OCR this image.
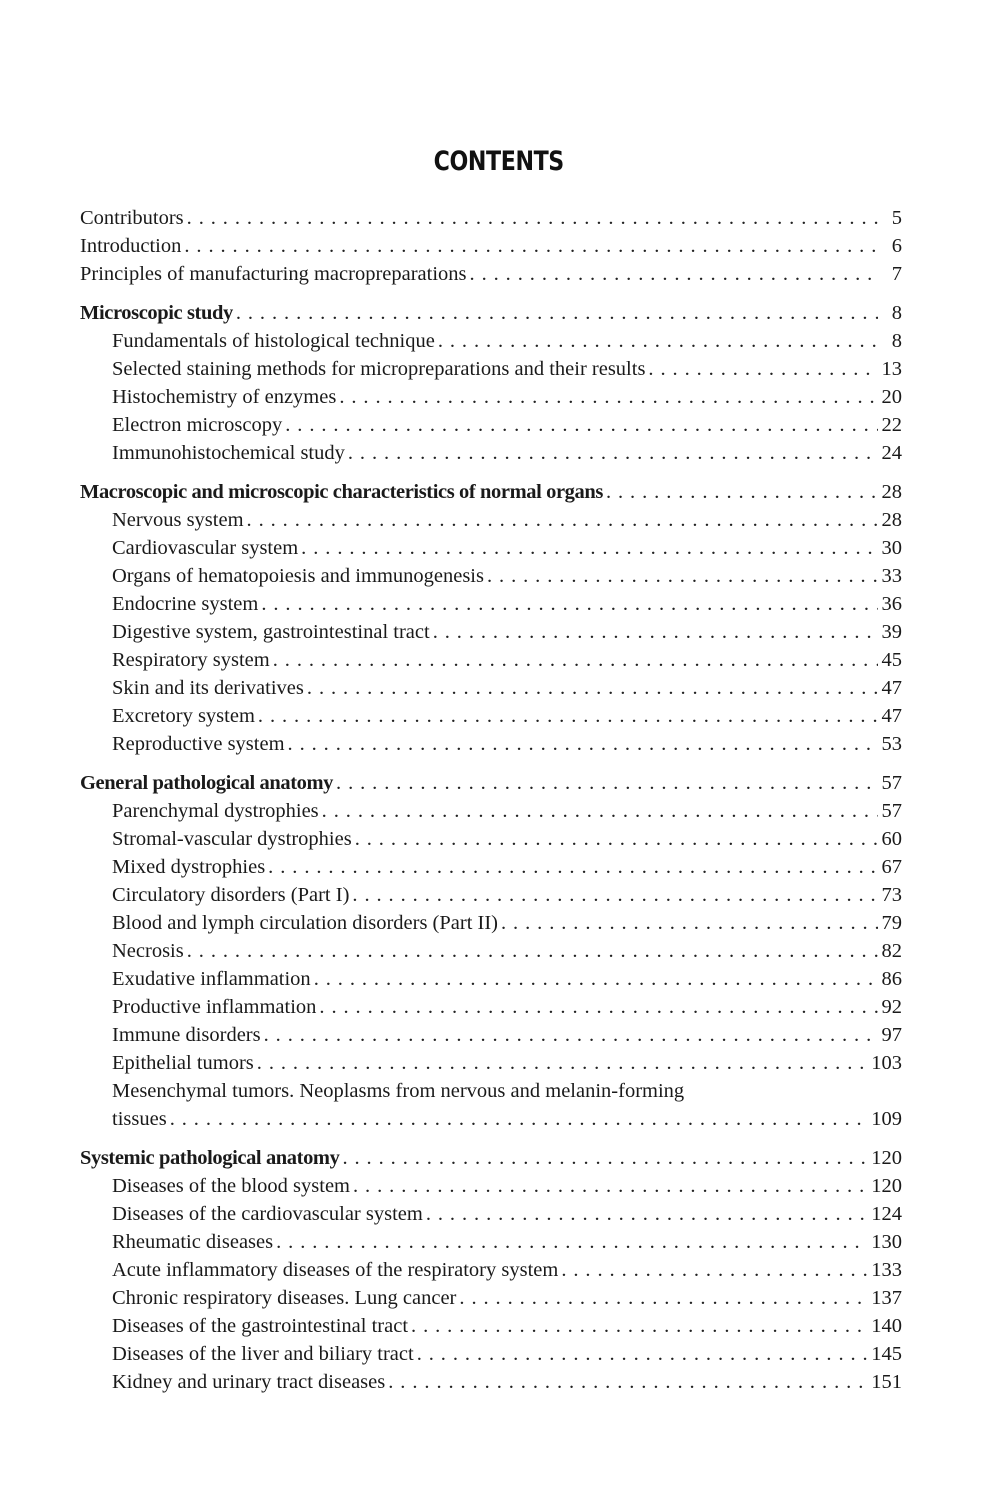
CONTENTS
Contributors . . .	5
Introduction . . .	6
Principles of manufacturing macropreparations . . .	7
Microscopic study . . .	8
Fundamentals of histological technique . . .	8
Selected staining methods for micropreparations and their results . . .	13
Histochemistry of enzymes . . .	20
Electron microscopy . . .	22
Immunohistochemical study . . .	24
Macroscopic and microscopic characteristics of normal organs . . .	28
Nervous system . . .	28
Cardiovascular system . . .	30
Organs of hematopoiesis and immunogenesis . . .	33
Endocrine system . . .	36
Digestive system, gastrointestinal tract . . .	39
Respiratory system . . .	45
Skin and its derivatives . . .	47
Excretory system . . .	47
Reproductive system . . .	53
General pathological anatomy . . .	57
Parenchymal dystrophies . . .	57
Stromal-vascular dystrophies . . .	60
Mixed dystrophies . . .	67
Circulatory disorders (Part I) . . .	73
Blood and lymph circulation disorders (Part II) . . .	79
Necrosis . . .	82
Exudative inflammation . . .	86
Productive inflammation . . .	92
Immune disorders . . .	97
Epithelial tumors . . .	103
Mesenchymal tumors. Neoplasms from nervous and melanin-forming
tissues . . .	109
Systemic pathological anatomy . . .	120
Diseases of the blood system . . .	120
Diseases of the cardiovascular system . . .	124
Rheumatic diseases . . .	130
Acute inflammatory diseases of the respiratory system . . .	133
Chronic respiratory diseases. Lung cancer . . .	137
Diseases of the gastrointestinal tract . . .	140
Diseases of the liver and biliary tract . . .	145
Kidney and urinary tract diseases . . .	151
